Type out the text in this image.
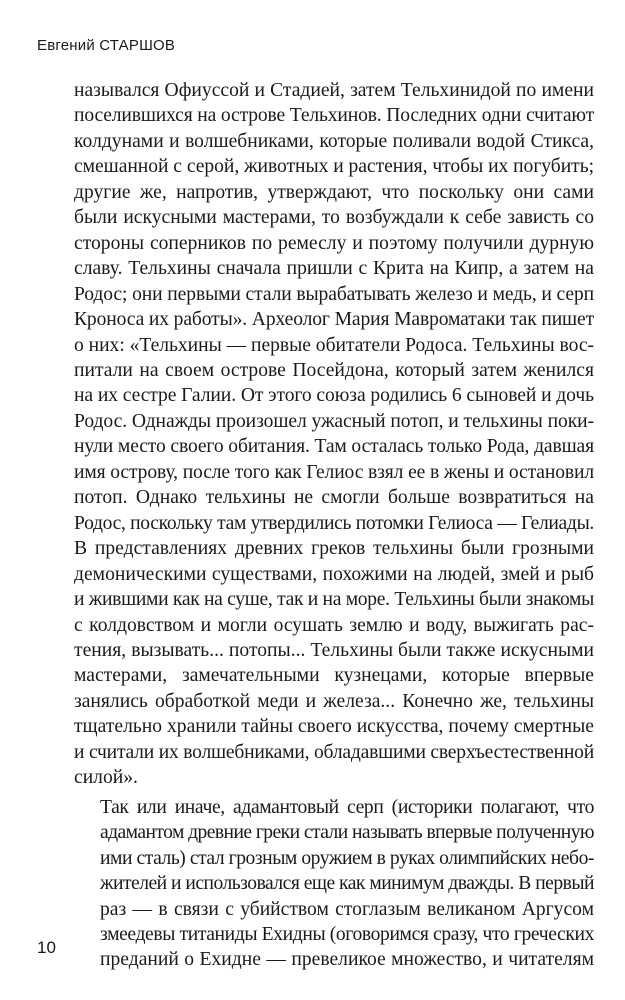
Евгений СТАРШОВ

назывался Офиуссой и Стадией, затем Тельхинидой по имени
поселившихся на острове Тельхинов. Последних одни считают
колдунами и волшебниками, которые поливали водой Стикса,
смешанной с серой, животных и растения, чтобы их погубить;
другие же, напротив, утверждают, что поскольку они сами
были искусными мастерами, то возбуждали к себе зависть со
стороны соперников по ремеслу и поэтому получили дурную
славу. Тельхины сначала пришли с Крита на Кипр, а затем на
Родос; они первыми стали вырабатывать железо и медь, и серп
Кроноса их работы». Археолог Мария Мавроматаки так пишет
о них: «Тельхины — первые обитатели Родоса. Тельхины вос-
питали на своем острове Посейдона, который затем женился
на их сестре Галии. От этого союза родились 6 сыновей и дочь
Родос. Однажды произошел ужасный потоп, и тельхины поки-
нули место своего обитания. Там осталась только Рода, давшая
имя острову, после того как Гелиос взял ее в жены и остановил
потоп. Однако тельхины не смогли больше возвратиться на
Родос, поскольку там утвердились потомки Гелиоса — Гелиады.
В представлениях древних греков тельхины были грозными
демоническими существами, похожими на людей, змей и рыб
и жившими как на суше, так и на море. Тельхины были знакомы
с колдовством и могли осушать землю и воду, выжигать рас-
тения, вызывать... потопы... Тельхины были также искусными
мастерами, замечательными кузнецами, которые впервые
занялись обработкой меди и железа... Конечно же, тельхины
тщательно хранили тайны своего искусства, почему смертные
и считали их волшебниками, обладавшими сверхъестественной
силой».

Так или иначе, адамантовый серп (историки полагают, что
адамантом древние греки стали называть впервые полученную
ими сталь) стал грозным оружием в руках олимпийских небо-
жителей и использовался еще как минимум дважды. В первый
раз — в связи с убийством стоглазым великаном Аргусом
змеедевы титаниды Ехидны (оговоримся сразу, что греческих
преданий о Ехидне — превеликое множество, и читателям

10
